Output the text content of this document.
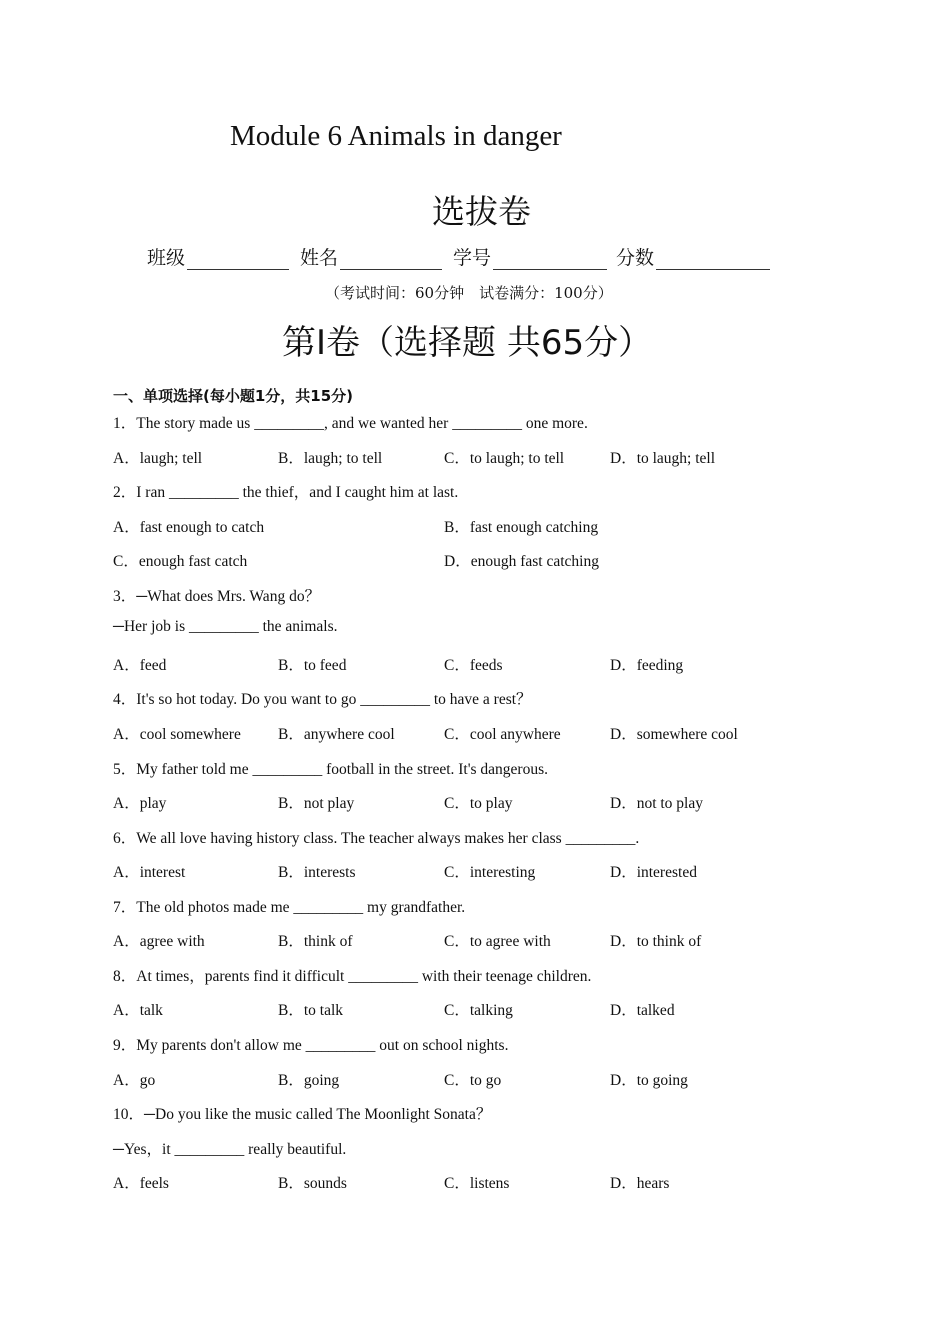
Module 6 Animals in danger
选拔卷
班级	姓名	学号	分数
（考试时间：60分钟　试卷满分：100分）
第I卷（选择题 共65分）
一、单项选择(每小题1分，共15分)
1．The story made us _________, and we wanted her _________ one more.
A．laugh; tell	B．laugh; to tell	C．to laugh; to tell	D．to laugh; tell
2．I ran _________ the thief，and I caught him at last.
A．fast enough to catch	B．fast enough catching
C．enough fast catch	D．enough fast catching
3．─What does Mrs. Wang do？
─Her job is _________ the animals.
A．feed	B．to feed	C．feeds	D．feeding
4．It's so hot today. Do you want to go _________ to have a rest？
A．cool somewhere B．anywhere cool	C．cool anywhere	D．somewhere cool
5．My father told me _________ football in the street. It's dangerous.
A．play	B．not play	C．to play	D．not to play
6．We all love having history class. The teacher always makes her class _________.
A．interest	B．interests	C．interesting	D．interested
7．The old photos made me _________ my grandfather.
A．agree with	B．think of	C．to agree with	D．to think of
8．At times，parents find it difficult _________ with their teenage children.
A．talk	B．to talk	C．talking	D．talked
9．My parents don't allow me _________ out on school nights.
A．go	B．going	C．to go	D．to going
10．─Do you like the music called The Moonlight Sonata？
─Yes，it _________ really beautiful.
A．feels	B．sounds	C．listens	D．hears
